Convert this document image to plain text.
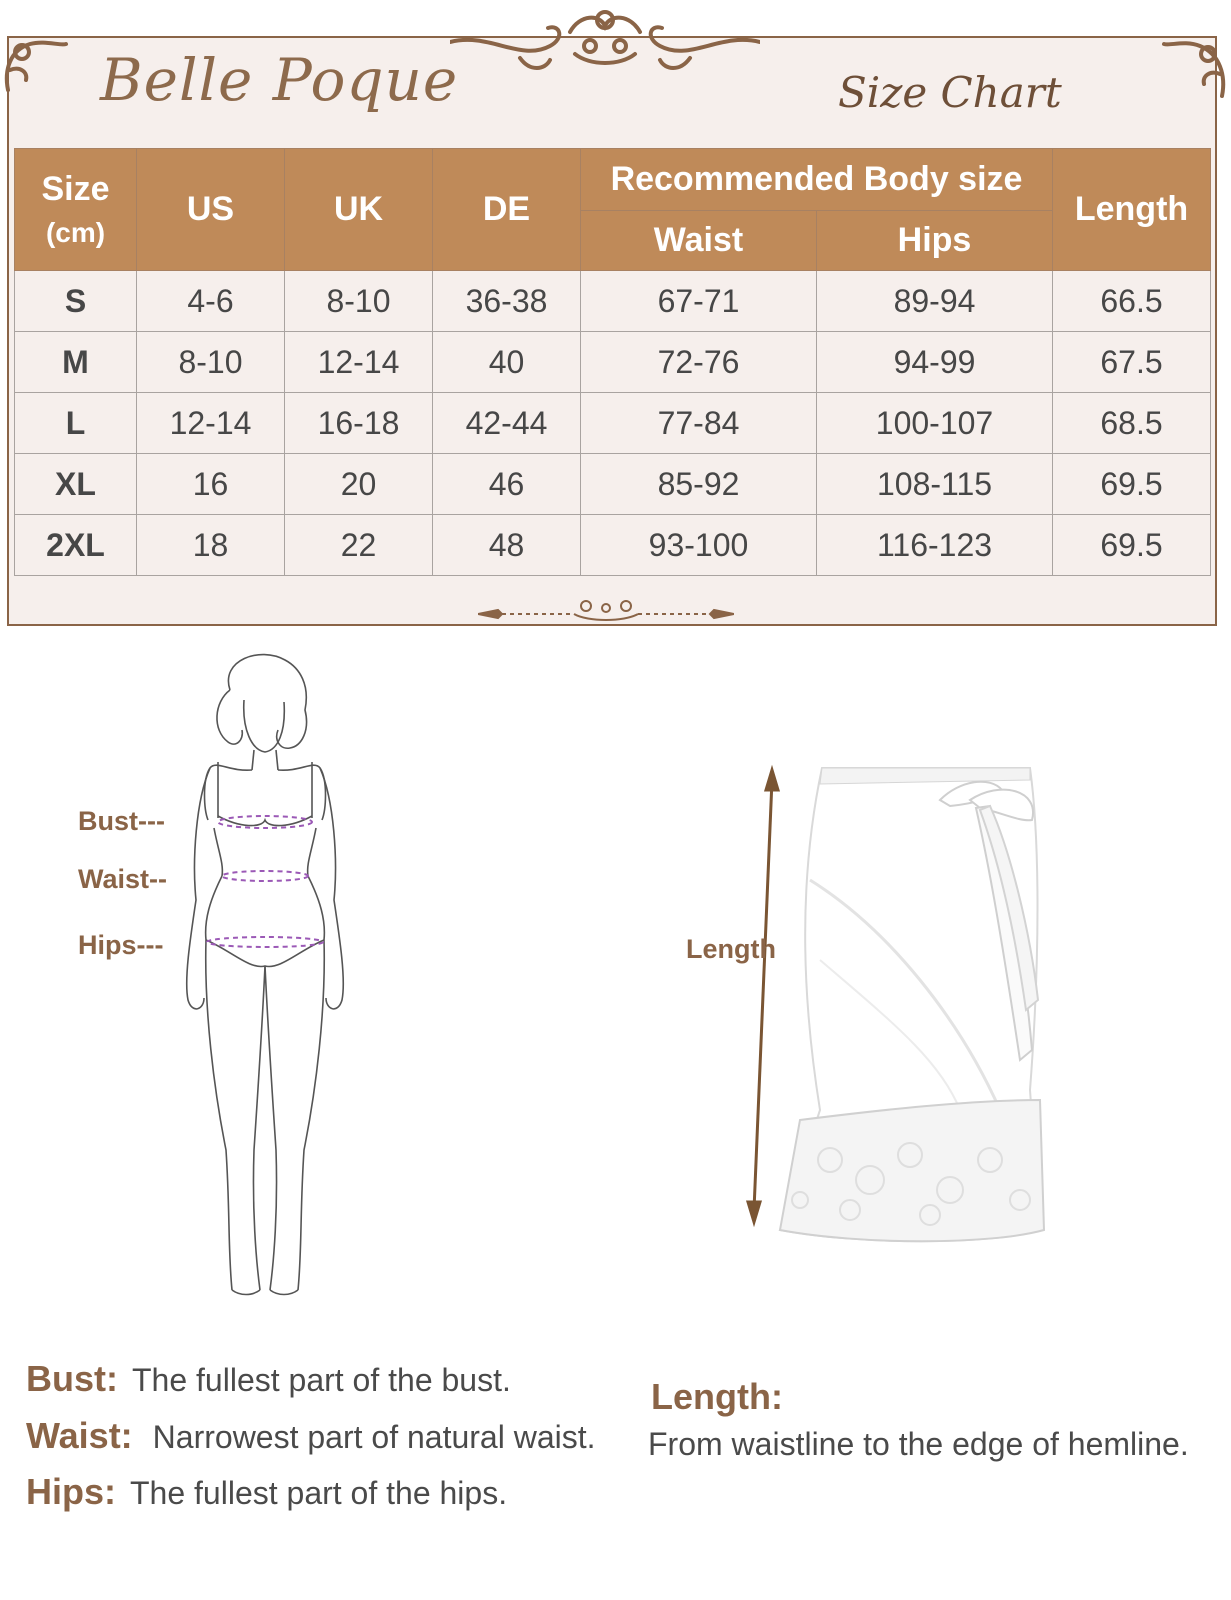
Belle Poque	Size Chart
Size
(cm)	US	UK	DE	Recommended Body size		Length
				Waist	Hips	
S	4-6	8-10	36-38	67-71	89-94	66.5
M	8-10	12-14	40	72-76	94-99	67.5
L	12-14	16-18	42-44	77-84	100-107	68.5
XL	16	20	46	85-92	108-115	69.5
2XL	18	22	48	93-100	116-123	69.5
Bust---
Waist--
Hips---	Length
Bust: The fullest part of the bust.
Waist: Narrowest part of natural waist.
Hips: The fullest part of the hips.
Length:
From waistline to the edge of hemline.
